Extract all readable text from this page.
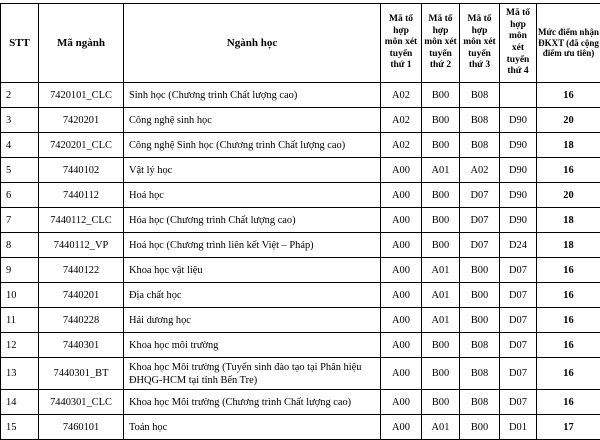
STT	Mã ngành	Ngành học	Mã tổ hợp môn xét tuyển thứ 1	Mã tổ hợp môn xét tuyển thứ 2	Mã tổ hợp môn xét tuyển thứ 3	Mã tổ hợp môn xét tuyển thứ 4	Mức điểm nhận ĐKXT (đã cộng điểm ưu tiên)
2	7420101_CLC	Sinh học (Chương trình Chất lượng cao)	A02	B00	B08		16
3	7420201	Công nghệ sinh học	A02	B00	B08	D90	20
4	7420201_CLC	Công nghệ Sinh học (Chương trình Chất lượng cao)	A02	B00	B08	D90	18
5	7440102	Vật lý học	A00	A01	A02	D90	16
6	7440112	Hoá học	A00	B00	D07	D90	20
7	7440112_CLC	Hóa học (Chương trình Chất lượng cao)	A00	B00	D07	D90	18
8	7440112_VP	Hoá học (Chương trình liên kết Việt – Pháp)	A00	B00	D07	D24	18
9	7440122	Khoa học vật liệu	A00	A01	B00	D07	16
10	7440201	Địa chất học	A00	A01	B00	D07	16
11	7440228	Hải dương học	A00	A01	B00	D07	16
12	7440301	Khoa học môi trường	A00	B00	B08	D07	16
13	7440301_BT	Khoa học Môi trường (Tuyển sinh đào tạo tại Phân hiệu ĐHQG-HCM tại tỉnh Bến Tre)	A00	B00	B08	D07	16
14	7440301_CLC	Khoa học Môi trường (Chương trình Chất lượng cao)	A00	B00	B08	D07	16
15	7460101	Toán học	A00	A01	B00	D01	17
